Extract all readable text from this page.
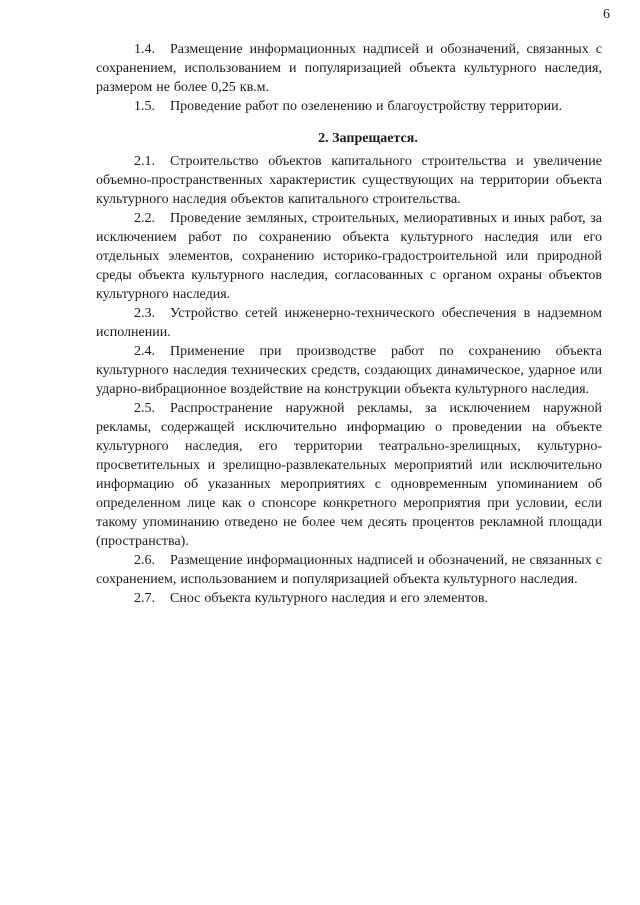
6

1.4. Размещение информационных надписей и обозначений, связанных с сохранением, использованием и популяризацией объекта культурного наследия, размером не более 0,25 кв.м.

1.5. Проведение работ по озеленению и благоустройству территории.

2. Запрещается.

2.1. Строительство объектов капитального строительства и увеличение объемно-пространственных характеристик существующих на территории объекта культурного наследия объектов капитального строительства.

2.2. Проведение земляных, строительных, мелиоративных и иных работ, за исключением работ по сохранению объекта культурного наследия или его отдельных элементов, сохранению историко-градостроительной или природной среды объекта культурного наследия, согласованных с органом охраны объектов культурного наследия.

2.3. Устройство сетей инженерно-технического обеспечения в надземном исполнении.

2.4. Применение при производстве работ по сохранению объекта культурного наследия технических средств, создающих динамическое, ударное или ударно-вибрационное воздействие на конструкции объекта культурного наследия.

2.5. Распространение наружной рекламы, за исключением наружной рекламы, содержащей исключительно информацию о проведении на объекте культурного наследия, его территории театрально-зрелищных, культурно-просветительных и зрелищно-развлекательных мероприятий или исключительно информацию об указанных мероприятиях с одновременным упоминанием об определенном лице как о спонсоре конкретного мероприятия при условии, если такому упоминанию отведено не более чем десять процентов рекламной площади (пространства).

2.6. Размещение информационных надписей и обозначений, не связанных с сохранением, использованием и популяризацией объекта культурного наследия.

2.7. Снос объекта культурного наследия и его элементов.
